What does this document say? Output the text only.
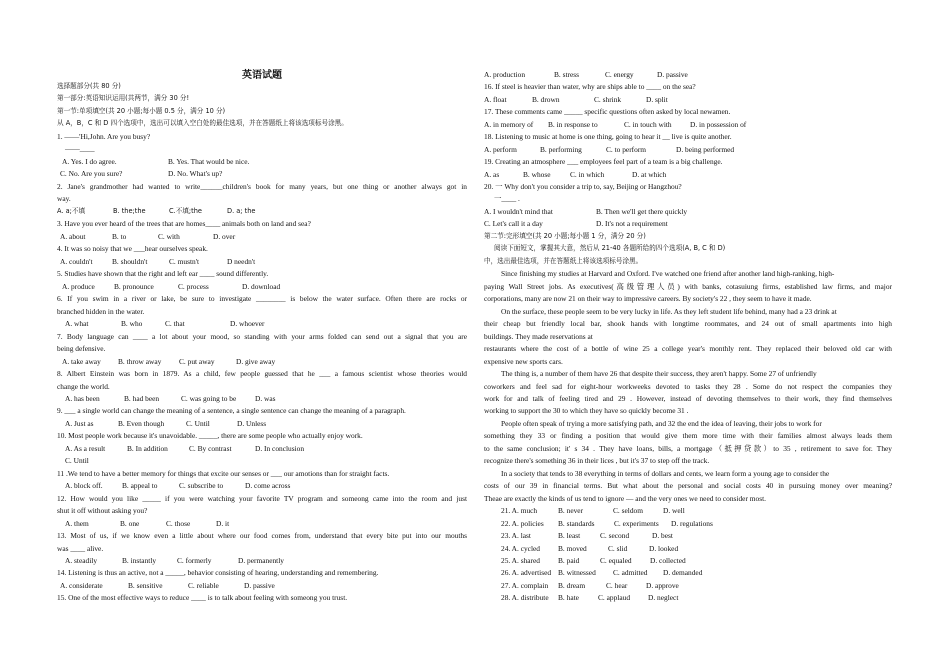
英语试题
选择题部分(共 80 分)
第一部分:英语知识运用(共两节，满分 30 分!
第一节:单项填空(共 20 小题;每小题 0.5 分，满分 10 分)
从 A，B，C 和 D 四个选项中，选出可以填入空白处的最佳选项，并在答题纸上将该选项标号涂黑。
1. ——'Hi,John. Are you busy?
——____
A. Yes. I do agree.	B. Yes. That would be nice.
C. No. Are you sure?	D. No. What's up?
2. Jane's grandmother had wanted to write______children's book for many years, but one thing or another always got in
way.
A. a;不填	B. the;the	C.不填;the	D. a; the
3. Have you ever heard of the trees that are homes____ animals both on land and sea?
A. about	B. to	C. with	D. over
4. It was so noisy that we ___hear ourselves speak.
A. couldn't	B. shouldn't	C. mustn't	D needn't
5. Studies have shown that the right and left ear ____ sound differently.
A. produce	B. pronounce	C. process	D. download
6. If you swim in a river or lake, be sure to investigate ________ is below the water surface. Often there are rocks or
branched hidden in the water.
A. what	B. who	C. that	D. whoever
7. Body language can ____ a lot about your mood, so standing with your arms folded can send out a signal that you are
being defensive.
A. take away B. throw away C. put away	D. give away
8. Albert Einstein was born in 1879. As a child, few people guessed that he ___ a famous scientist whose theories would
change the world.
A. has been	B. had been	C. was going to be	D. was
9. ___ a single world can change the meaning of a sentence, a single sentence can change the meaning of a paragraph.
A. Just as	B. Even though	C. Until	D. Unless
10. Most people work because it's unavoidable. _____, there are some people who actually enjoy work.
A. As a result	B. In addition	C. By contrast	D. In conclusion
C. Until
11 .We tend to have a better memory for things that excite our senses or ___ our amotions than for straight facts.
A. block off.	B. appeal to	C. subscribe to	D. come across
12. How would you like _____ if you were watching your favorite TV program and someong came into the room and just
shut it off without asking you?
A. them	B. one	C. those	D. it
13. Most of us, if we know even a little about where our food comes from, understand that every bite put into our mouths
was ____ alive.
A. steadily	B. instantly	C. formerly	D. permanently
14. Listening is thus an active, not a _____, behavior consisting of hearing, understanding and remembering.
A. considerate	B. sensitive	C. reliable	D. passive
15. One of the most effective ways to reduce ____ is to talk about feeling with someong you trust.
A. production	B. stress	C. energy	D. passive
16. If steel is heavier than water, why are ships able to ____ on the sea?
A. float	B. drown	C. shrink	D. split
17. These comments came _____ specific questions often asked by local newamen.
A. in memory of B. in response to	C. in touch with D. in possession of
18. Listening to music at home is one thing, going to hear it __ live is quite another.
A. perform	B. performing	C. to perform	D. being performed
19. Creating an atmosphere ___ employees feel part of a team is a big challenge.
A. as	B. whose	C. in which	D. at which
20. 一 Why don't you consider a trip to, say, Beijing or Hangzhou?
一____ .
A. I wouldn't mind that	B. Then we'll get there quickly
C. Let's call it a day	D. It's not a requirement
第二节:完形填空(共 20 小题;每小题 1 分，满分 20 分)
阅读下面短文，掌握其大意，然后从 21-40 各题所给的四个选项(A, B, C 和 D)
中，选出最佳选项，并在答题纸上将该选项标号涂黑。
Since finishing my studies at Harvard and Oxford. I've watched one friend after another land high-ranking, high-
paying Wall Street jobs. As executives(高级管理人员) with banks, cotasuiung firms, established law firms, and major
corporations, many are now 21 on their way to impressive careers. By society's 22 , they seem to have it made.
On the surface, these people seem to be very lucky in life. As they left student life behind, many had a 23 drink at
their cheap but friendly local bar, shook hands with longtime roommates, and 24 out of small apartments into high
buildings. They made reservations at
restaurants where the cost of a bottle of wine 25 a college year's monthly rent. They replaced their beloved old car with
expensive new sports cars.
The thing is, a number of them have 26 that despite their success, they aren't happy. Some 27 of unfriendly
coworkers and feel sad for eight-hour workweeks devoted to tasks they 28 . Some do not respect the companies they
work for and talk of feeling tired and 29 . However, instead of devoting themselves to their work, they find themselves
working to support the 30 to which they have so quickly become 31 .
People often speak of trying a more satisfying path, and 32 the end the idea of leaving, their jobs to work for
something they 33 or finding a position that would give them more time with their families almost always leads them
to the same conclusion; it' s 34 . They have loans, bills, a mortgage（抵押贷款）to 35 , retirement to save for. They
recognize there's something 36 in their lices , but it's 37 to step off the track.
In a society that tends to 38 everything in terms of dollars and cents, we learn form a young age to consider the
costs of our 39 in financial terms. But what about the personal and social costs 40 in pursuing money over meaning?
Theae are exactly the kinds of us tend to ignore — and the very ones we need to consider most.
21. A. much	B. never	C. seldom	D. well
22. A. policies B. standards	C. experiments D. regulations
23. A. last	B. least	C. second	D. best
24. A. cycled B. moved	C. slid	D. looked
25. A. shared B. paid	C. equaled D. collected
26. A. advertised B. witnessed C. admitted D. demanded
27. A. complain B. dream	C. hear	D. approve
28. A. distribute B. hate	C. applaud D. neglect
